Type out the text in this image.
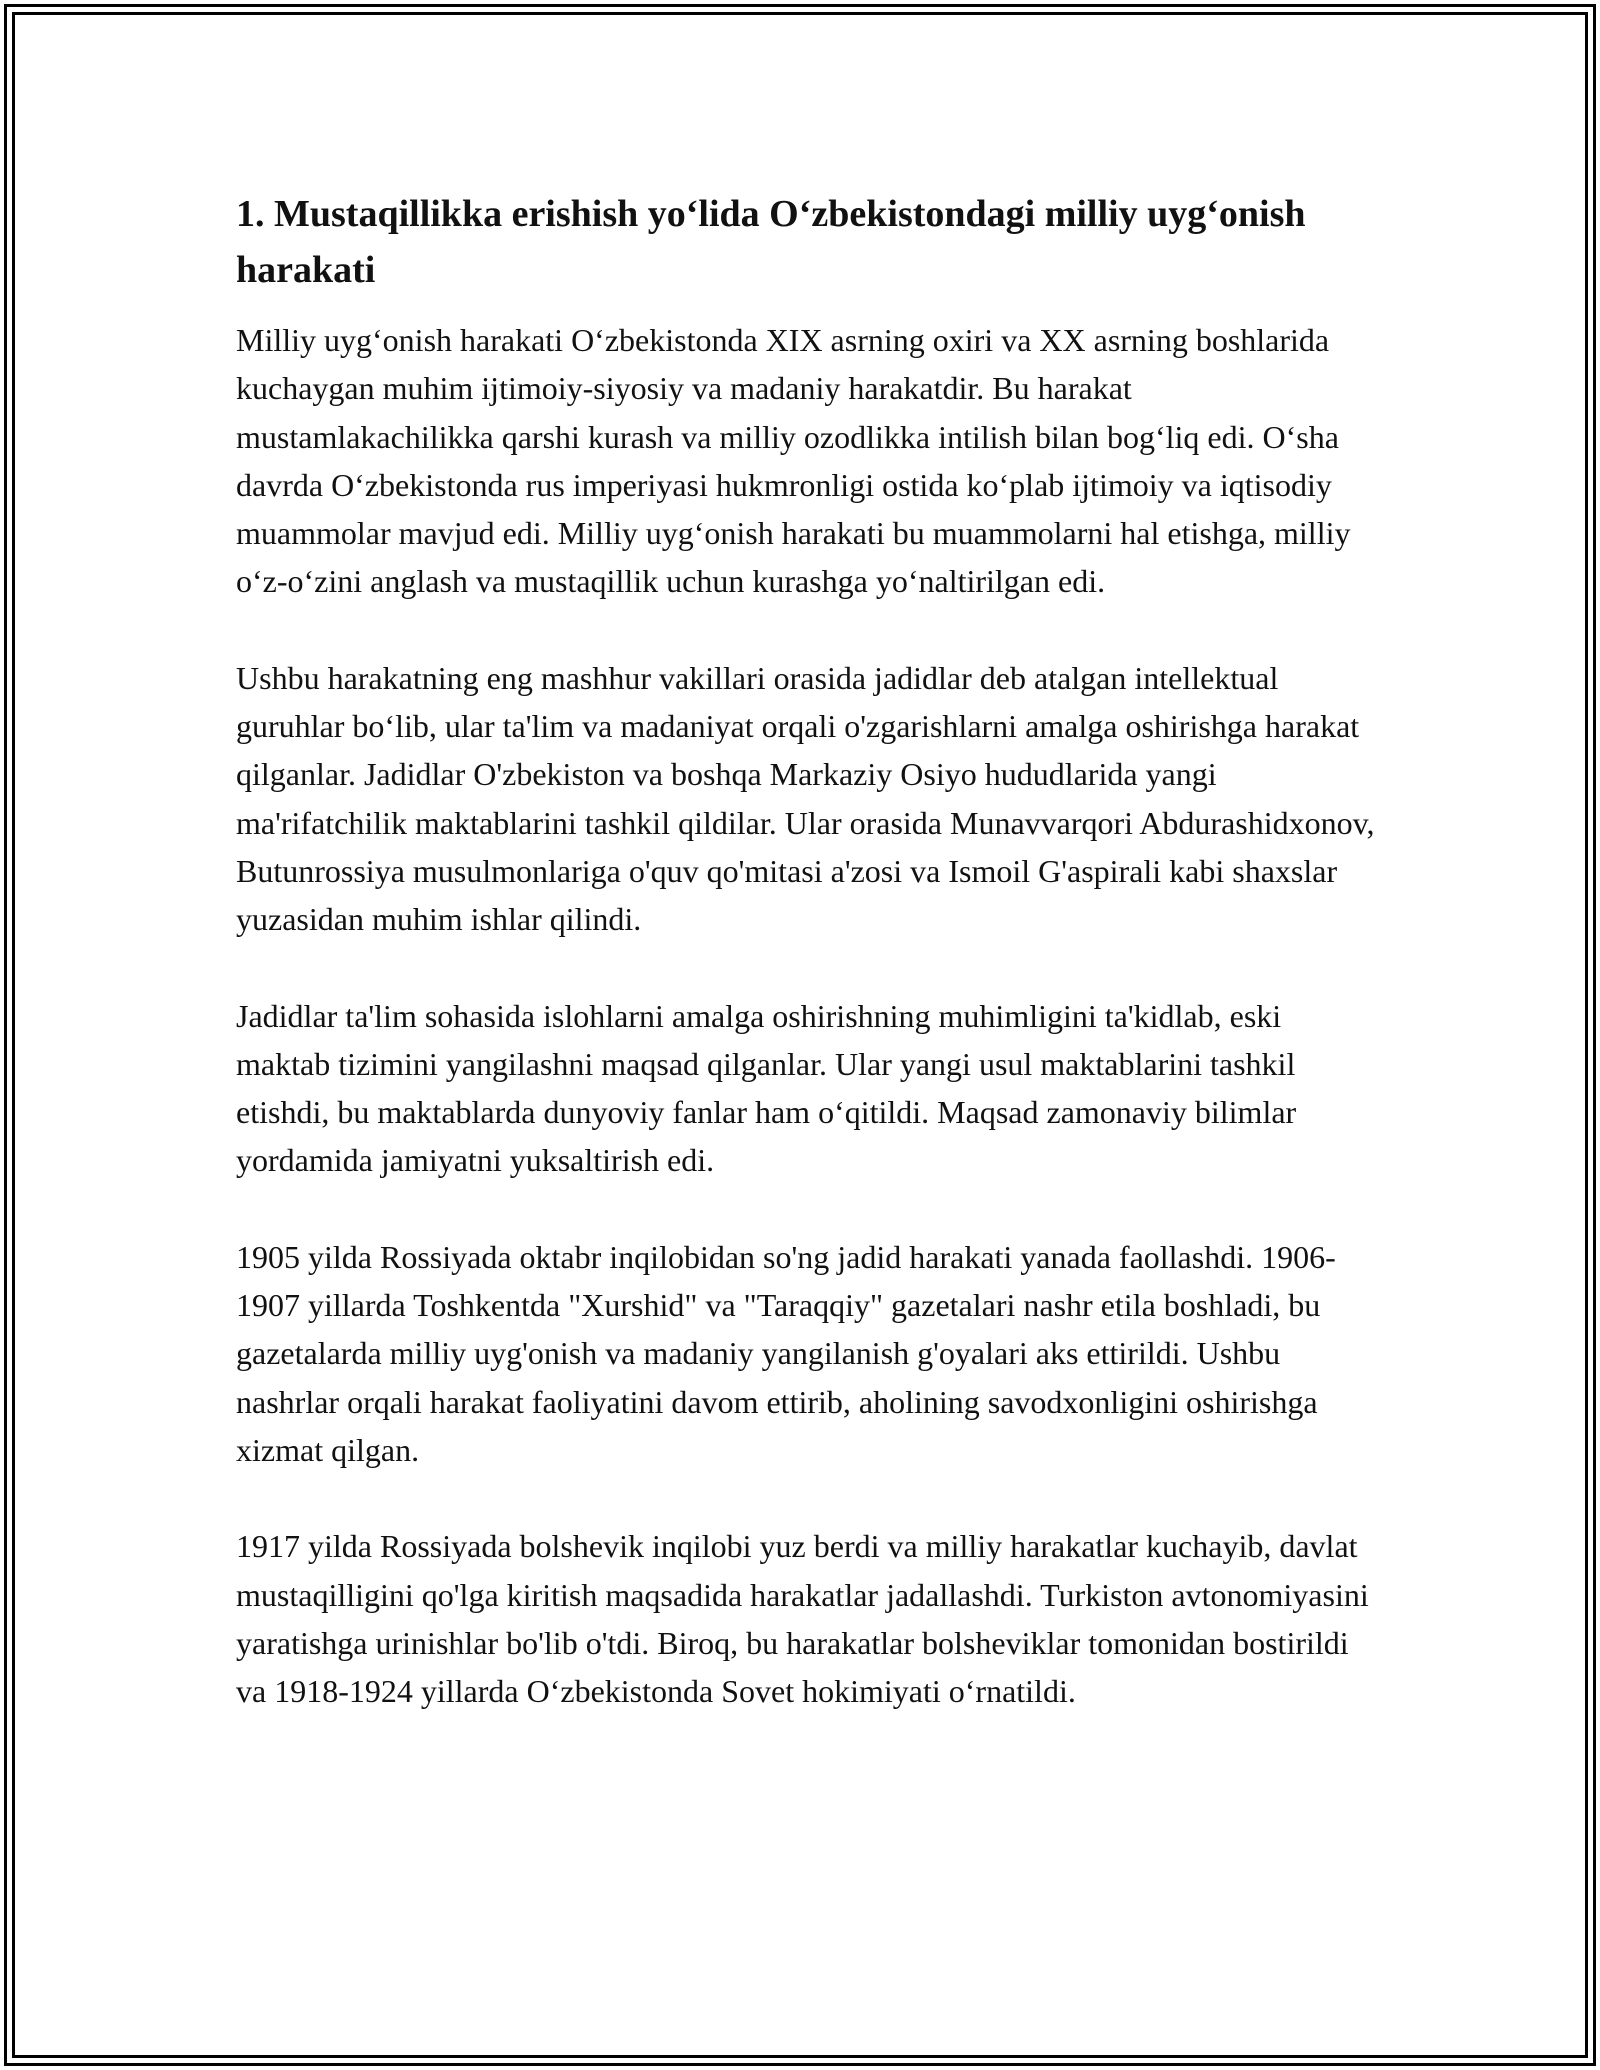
1. Mustaqillikka erishish yo‘lida O‘zbekistondagi milliy uyg‘onish harakati

Milliy uyg‘onish harakati O‘zbekistonda XIX asrning oxiri va XX asrning boshlarida kuchaygan muhim ijtimoiy-siyosiy va madaniy harakatdir. Bu harakat mustamlakachilikka qarshi kurash va milliy ozodlikka intilish bilan bog‘liq edi. O‘sha davrda O‘zbekistonda rus imperiyasi hukmronligi ostida ko‘plab ijtimoiy va iqtisodiy muammolar mavjud edi. Milliy uyg‘onish harakati bu muammolarni hal etishga, milliy o‘z-o‘zini anglash va mustaqillik uchun kurashga yo‘naltirilgan edi.

Ushbu harakatning eng mashhur vakillari orasida jadidlar deb atalgan intellektual guruhlar bo‘lib, ular ta'lim va madaniyat orqali o'zgarishlarni amalga oshirishga harakat qilganlar. Jadidlar O'zbekiston va boshqa Markaziy Osiyo hududlarida yangi ma'rifatchilik maktablarini tashkil qildilar. Ular orasida Munavvarqori Abdurashidxonov, Butunrossiya musulmonlariga o'quv qo'mitasi a'zosi va Ismoil G'aspirali kabi shaxslar yuzasidan muhim ishlar qilindi.

Jadidlar ta'lim sohasida islohlarni amalga oshirishning muhimligini ta'kidlab, eski maktab tizimini yangilashni maqsad qilganlar. Ular yangi usul maktablarini tashkil etishdi, bu maktablarda dunyoviy fanlar ham o‘qitildi. Maqsad zamonaviy bilimlar yordamida jamiyatni yuksaltirish edi.

1905 yilda Rossiyada oktabr inqilobidan so'ng jadid harakati yanada faollashdi. 1906-1907 yillarda Toshkentda "Xurshid" va "Taraqqiy" gazetalari nashr etila boshladi, bu gazetalarda milliy uyg'onish va madaniy yangilanish g'oyalari aks ettirildi. Ushbu nashrlar orqali harakat faoliyatini davom ettirib, aholining savodxonligini oshirishga xizmat qilgan.

1917 yilda Rossiyada bolshevik inqilobi yuz berdi va milliy harakatlar kuchayib, davlat mustaqilligini qo'lga kiritish maqsadida harakatlar jadallashdi. Turkiston avtonomiyasini yaratishga urinishlar bo'lib o'tdi. Biroq, bu harakatlar bolsheviklar tomonidan bostirildi va 1918-1924 yillarda O‘zbekistonda Sovet hokimiyati o‘rnatildi.
